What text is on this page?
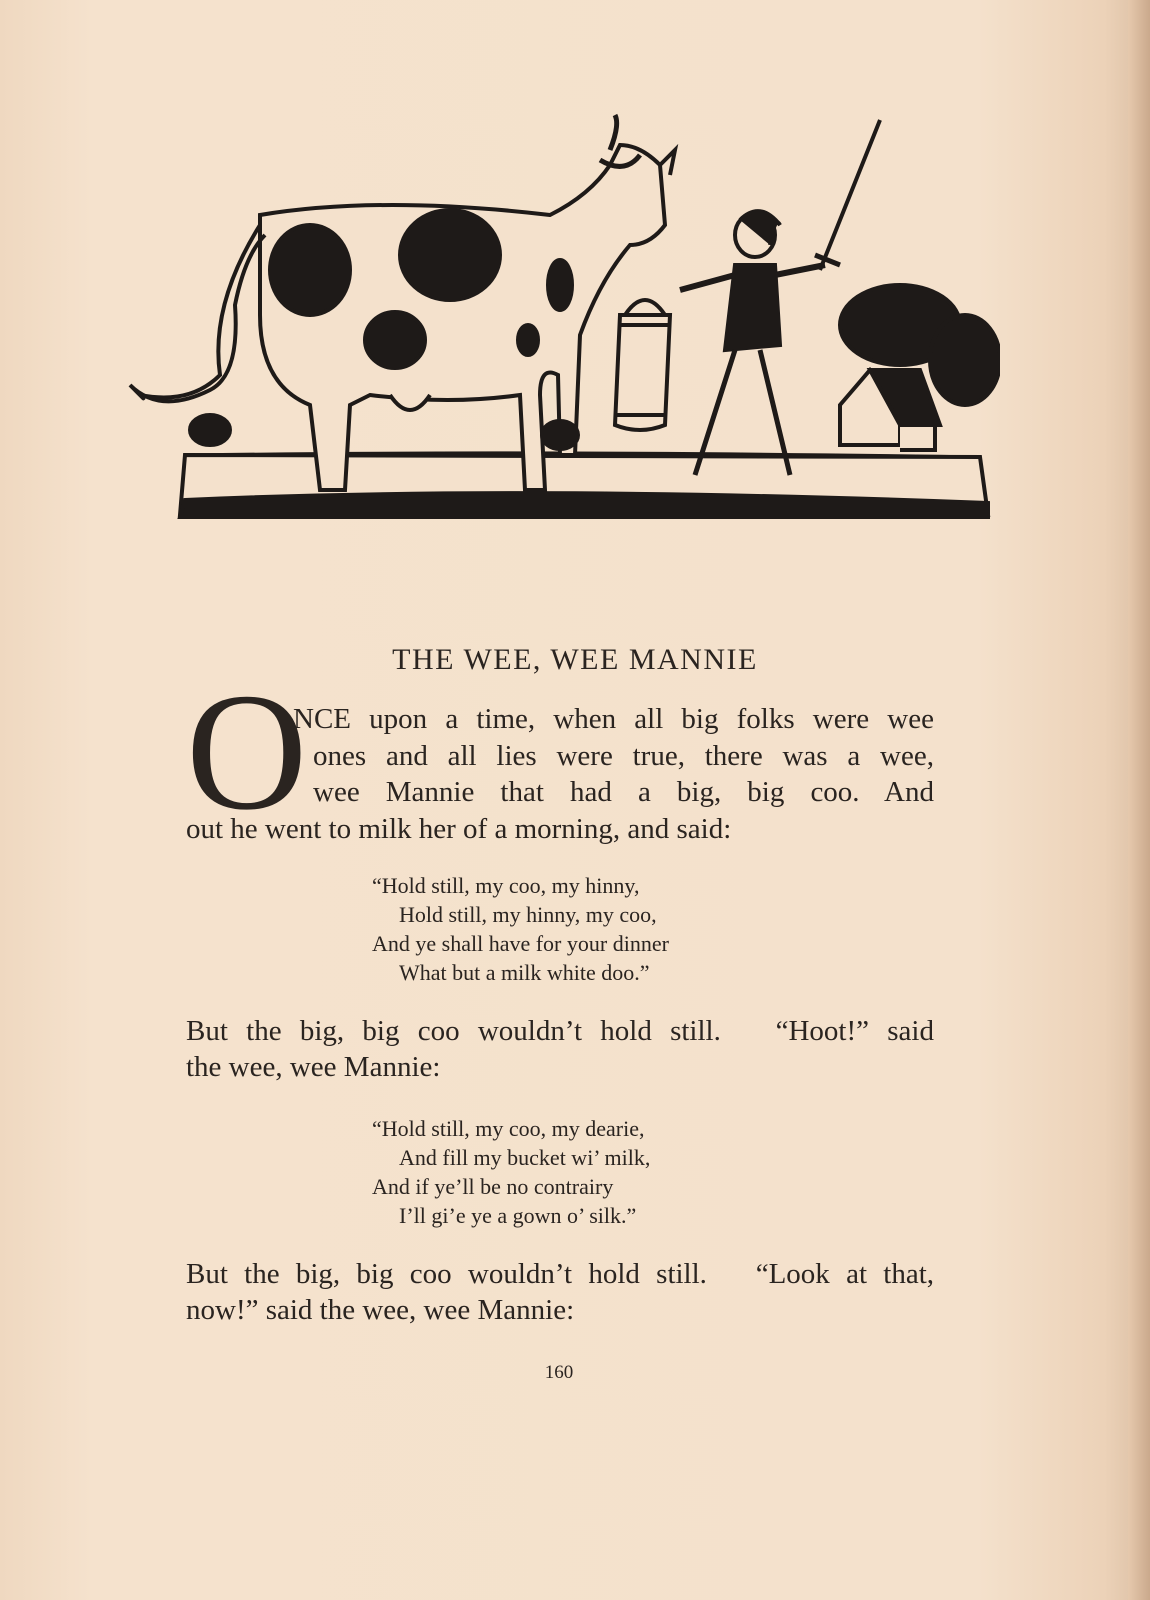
THE WEE, WEE MANNIE
O
NCE upon a time, when all big folks were wee
ones and all lies were true, there was a wee,
wee Mannie that had a big, big coo. And
out he went to milk her of a morning, and said:
“Hold still, my coo, my hinny,
Hold still, my hinny, my coo,
And ye shall have for your dinner
What but a milk white doo.”
But the big, big coo wouldn’t hold still.   “Hoot!” said
the wee, wee Mannie:
“Hold still, my coo, my dearie,
And fill my bucket wi’ milk,
And if ye’ll be no contrairy
I’ll gi’e ye a gown o’ silk.”
But the big, big coo wouldn’t hold still.   “Look at that,
now!” said the wee, wee Mannie:
160
